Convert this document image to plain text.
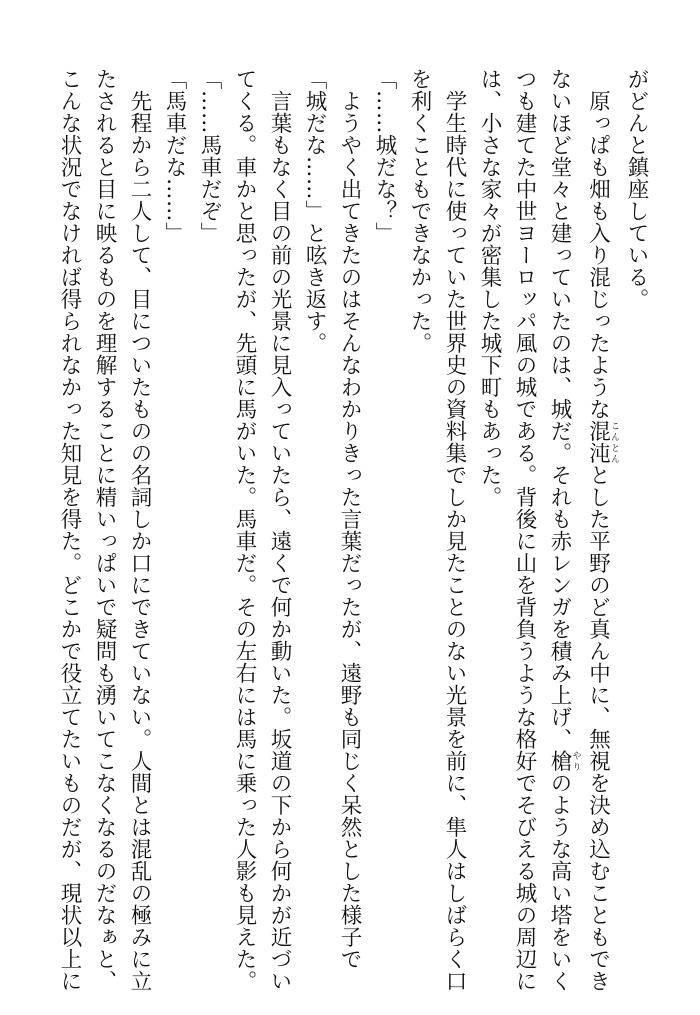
がどんと鎮座している。
　原っぱも畑も入り混じったような混沌こんとんとした平野のど真ん中に、無視を決め込むこともでき
ないほど堂々と建っていたのは、城だ。それも赤レンガを積み上げ、槍やりのような高い塔をいく
つも建てた中世ヨーロッパ風の城である。背後に山を背負うような格好でそびえる城の周辺に
は、小さな家々が密集した城下町もあった。
　学生時代に使っていた世界史の資料集でしか見たことのない光景を前に、隼人はしばらく口
を利くこともできなかった。
「……城だな？」
　ようやく出てきたのはそんなわかりきった言葉だったが、遠野も同じく呆然とした様子で
「城だな……」と呟き返す。
　言葉もなく目の前の光景に見入っていたら、遠くで何か動いた。坂道の下から何かが近づい
てくる。車かと思ったが、先頭に馬がいた。馬車だ。その左右には馬に乗った人影も見えた。
「……馬車だぞ」
「馬車だな……」
　先程から二人して、目についたものの名詞しか口にできていない。人間とは混乱の極みに立
たされると目に映るものを理解することに精いっぱいで疑問も湧いてこなくなるのだなぁと、
こんな状況でなければ得られなかった知見を得た。どこかで役立てたいものだが、現状以上に
